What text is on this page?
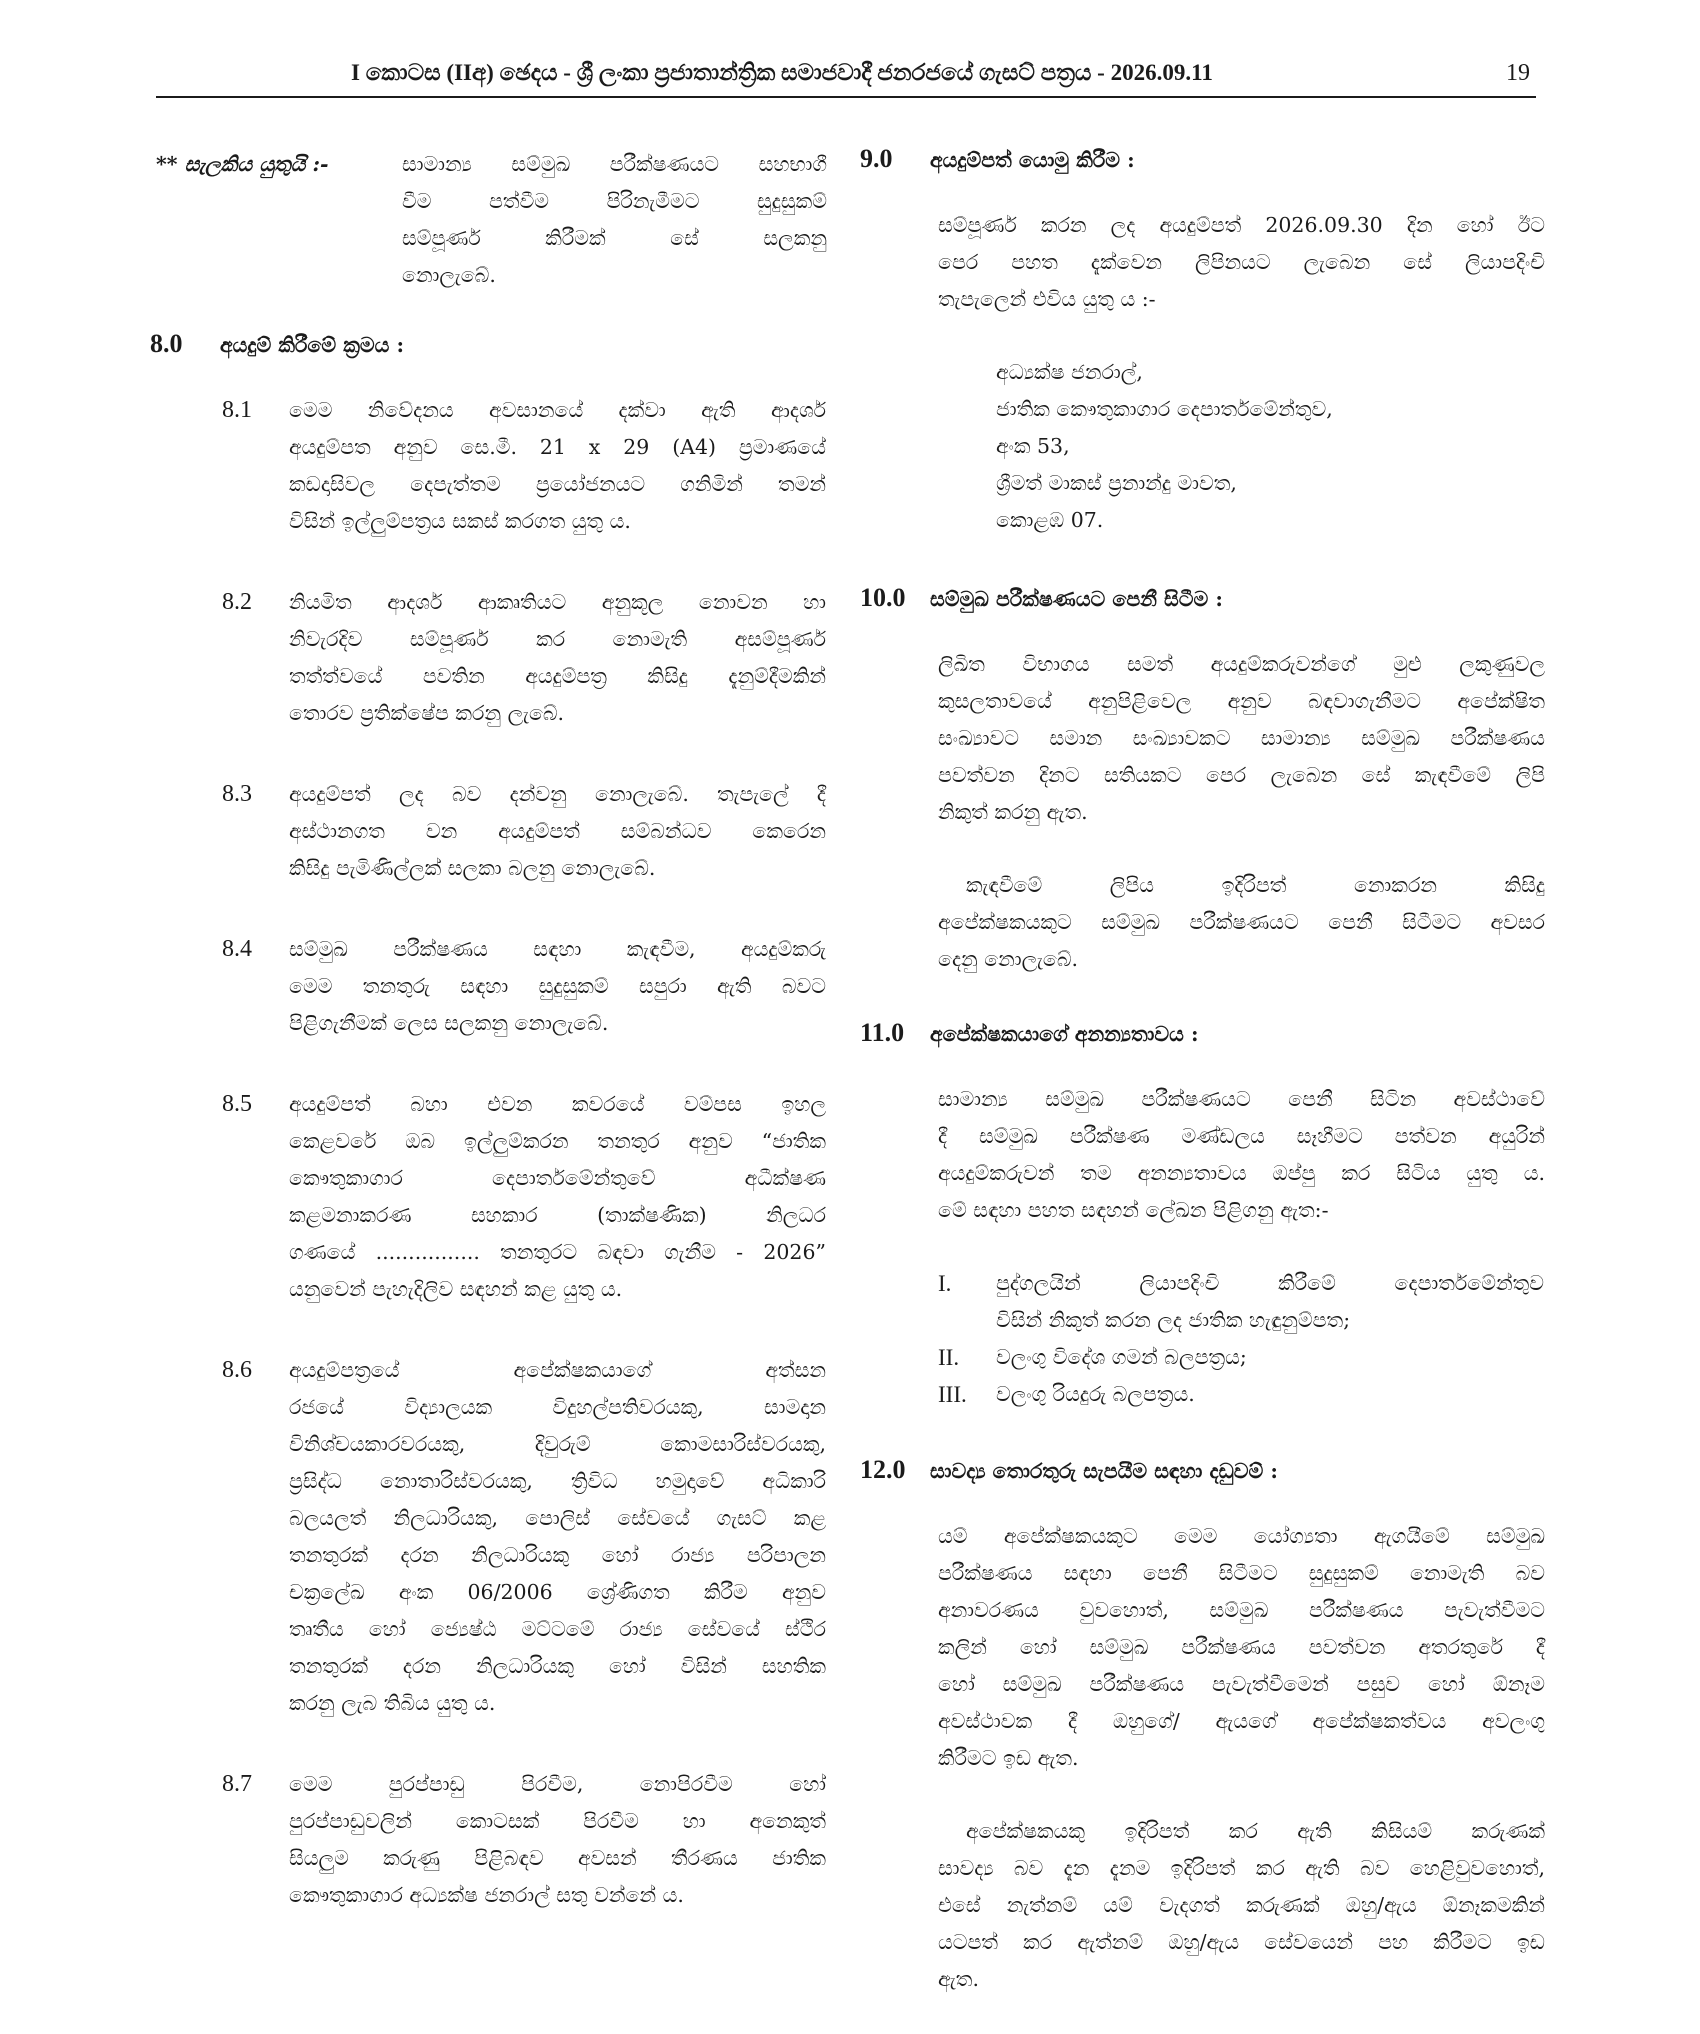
I කොටස (IIඅ) ඡෙදය - ශ්‍රී ලංකා ප්‍රජාතාන්ත්‍රික සමාජවාදී ජනරජයේ ගැසට් පත්‍රය - 2026.09.11	19
** සැලකිය යුතුයි :-	සාමාන්‍ය සම්මුඛ පරීක්ෂණයට සහභාගී
වීම පත්වීම පිරිනැමීමට සුදුසුකම්
සම්පූර්ණ කිරීමක් සේ සලකනු
නොලැබේ.
8.0	අයදුම් කිරීමේ ක්‍රමය :
8.1	මෙම නිවේදනය අවසානයේ දක්වා ඇති ආදර්ශ
අයදුම්පත අනුව සෙ.මී. 21 x 29 (A4) ප්‍රමාණයේ
කඩදාසිවල දෙපැත්තම ප්‍රයෝජනයට ගනිමින් තමන්
විසින් ඉල්ලුම්පත්‍රය සකස් කරගත යුතු ය.
8.2	නියමිත ආදර්ශ ආකෘතියට අනුකූල නොවන හා
නිවැරදිව සම්පූර්ණ කර නොමැති අසම්පූර්ණ
තත්ත්වයේ පවතින අයදුම්පත්‍ර කිසිදු දැනුම්දීමකින්
තොරව ප්‍රතික්ෂේප කරනු ලැබේ.
8.3	අයදුම්පත් ලද බව දන්වනු නොලැබේ. තැපැලේ දී
අස්ථානගත වන අයදුම්පත් සම්බන්ධව කෙරෙන
කිසිදු පැමිණිල්ලක් සලකා බලනු නොලැබේ.
8.4	සම්මුඛ පරීක්ෂණය සඳහා කැඳවීම, අයදුම්කරු
මෙම තනතුරු සඳහා සුදුසුකම් සපුරා ඇති බවට
පිළිගැනීමක් ලෙස සලකනු නොලැබේ.
8.5	අයදුම්පත් බහා එවන කවරයේ වම්පස ඉහල
කෙළවරේ ඔබ ඉල්ලුම්කරන තනතුර අනුව “ජාතික
කෞතුකාගාර දෙපාර්තමේන්තුවේ අධීක්ෂණ
කළමනාකරණ සහකාර (තාක්ෂණික) නිලධර
ගණයේ ................ තනතුරට බඳවා ගැනීම - 2026”
යනුවෙන් පැහැදිලිව සඳහන් කළ යුතු ය.
8.6	අයදුම්පත්‍රයේ අපේක්ෂකයාගේ අත්සන
රජයේ විද්‍යාලයක විදුහල්පතිවරයකු, සාමදාන
විනිශ්චයකාරවරයකු, දිවුරුම් කොමසාරිස්වරයකු,
ප්‍රසිද්ධ නොතාරිස්වරයකු, ත්‍රිවිධ හමුදාවේ අධිකාරි
බලයලත් නිලධාරියකු, පොලිස් සේවයේ ගැසට් කළ
තනතුරක් දරන නිලධාරියකු හෝ රාජ්‍ය පරිපාලන
චක්‍රලේඛ අංක 06/2006 ශ්‍රේණිගත කිරීම අනුව
තෘතීය හෝ ජ්‍යෙෂ්ඨ මට්ටමේ රාජ්‍ය සේවයේ ස්ථිර
තනතුරක් දරන නිලධාරියකු හෝ විසින් සහතික
කරනු ලැබ තිබිය යුතු ය.
8.7	මෙම පුරප්පාඩු පිරවීම, නොපිරවීම හෝ
පුරප්පාඩුවලින් කොටසක් පිරවීම හා අනෙකුත්
සියලුම කරුණු පිළිබඳව අවසන් තීරණය ජාතික
කෞතුකාගාර අධ්‍යක්ෂ ජනරාල් සතු වන්නේ ය.
9.0	අයදුම්පත් යොමු කිරීම :
සම්පූර්ණ කරන ලද අයදුම්පත් 2026.09.30 දින හෝ ඊට
පෙර පහත දැක්වෙන ලිපිනයට ලැබෙන සේ ලියාපදිංචි
තැපැලෙන් එවිය යුතු ය :-
අධ්‍යක්ෂ ජනරාල්,
ජාතික කෞතුකාගාර දෙපාර්තමේන්තුව,
අංක 53,
ශ්‍රීමත් මාකස් ප්‍රනාන්දු මාවත,
කොළඹ 07.
10.0	සම්මුඛ පරීක්ෂණයට පෙනී සිටීම :
ලිඛිත විභාගය සමත් අයදුම්කරුවන්ගේ මුළු ලකුණුවල
කුසලතාවයේ අනුපිළිවෙල අනුව බඳවාගැනීමට අපේක්ෂිත
සංඛ්‍යාවට සමාන සංඛ්‍යාවකට සාමාන්‍ය සම්මුඛ පරීක්ෂණය
පවත්වන දිනට සතියකට පෙර ලැබෙන සේ කැඳවීමේ ලිපි
නිකුත් කරනු ඇත.
කැඳවීමේ ලිපිය ඉදිරිපත් නොකරන කිසිදු
අපේක්ෂකයකුට සම්මුඛ පරීක්ෂණයට පෙනී සිටීමට අවසර
දෙනු නොලැබේ.
11.0	අපේක්ෂකයාගේ අනන්‍යතාවය :
සාමාන්‍ය සම්මුඛ පරීක්ෂණයට පෙනී සිටින අවස්ථාවේ
දී සම්මුඛ පරීක්ෂණ මණ්ඩලය සෑහීමට පත්වන අයුරින්
අයදුම්කරුවන් තම අනන්‍යතාවය ඔප්පු කර සිටිය යුතු ය.
මේ සඳහා පහත සඳහන් ලේඛන පිළිගනු ඇත:-
I.	පුද්ගලයින් ලියාපදිංචි කිරීමේ දෙපාර්තමේන්තුව
විසින් නිකුත් කරන ලද ජාතික හැඳුනුම්පත;
II.	වලංගු විදේශ ගමන් බලපත්‍රය;
III.	වලංගු රියදුරු බලපත්‍රය.
12.0	සාවද්‍ය තොරතුරු සැපයීම සඳහා දඩුවම් :
යම් අපේක්ෂකයකුට මෙම යෝග්‍යතා ඇගයීමේ සම්මුඛ
පරීක්ෂණය සඳහා පෙනී සිටීමට සුදුසුකම් නොමැති බව
අනාවරණය වුවහොත්, සම්මුඛ පරීක්ෂණය පැවැත්වීමට
කලින් හෝ සම්මුඛ පරීක්ෂණය පවත්වන අතරතුරේ දී
හෝ සම්මුඛ පරීක්ෂණය පැවැත්වීමෙන් පසුව හෝ ඕනෑම
අවස්ථාවක දී ඔහුගේ/ ඇයගේ අපේක්ෂකත්වය අවලංගු
කිරීමට ඉඩ ඇත.
අපේක්ෂකයකු ඉදිරිපත් කර ඇති කිසියම් කරුණක්
සාවද්‍ය බව දැන දැනම ඉදිරිපත් කර ඇති බව හෙළිවුවහොත්,
එසේ නැත්නම් යම් වැදගත් කරුණක් ඔහු/ඇය ඕනෑකමකින්
යටපත් කර ඇත්නම් ඔහු/ඇය සේවයෙන් පහ කිරීමට ඉඩ
ඇත.
